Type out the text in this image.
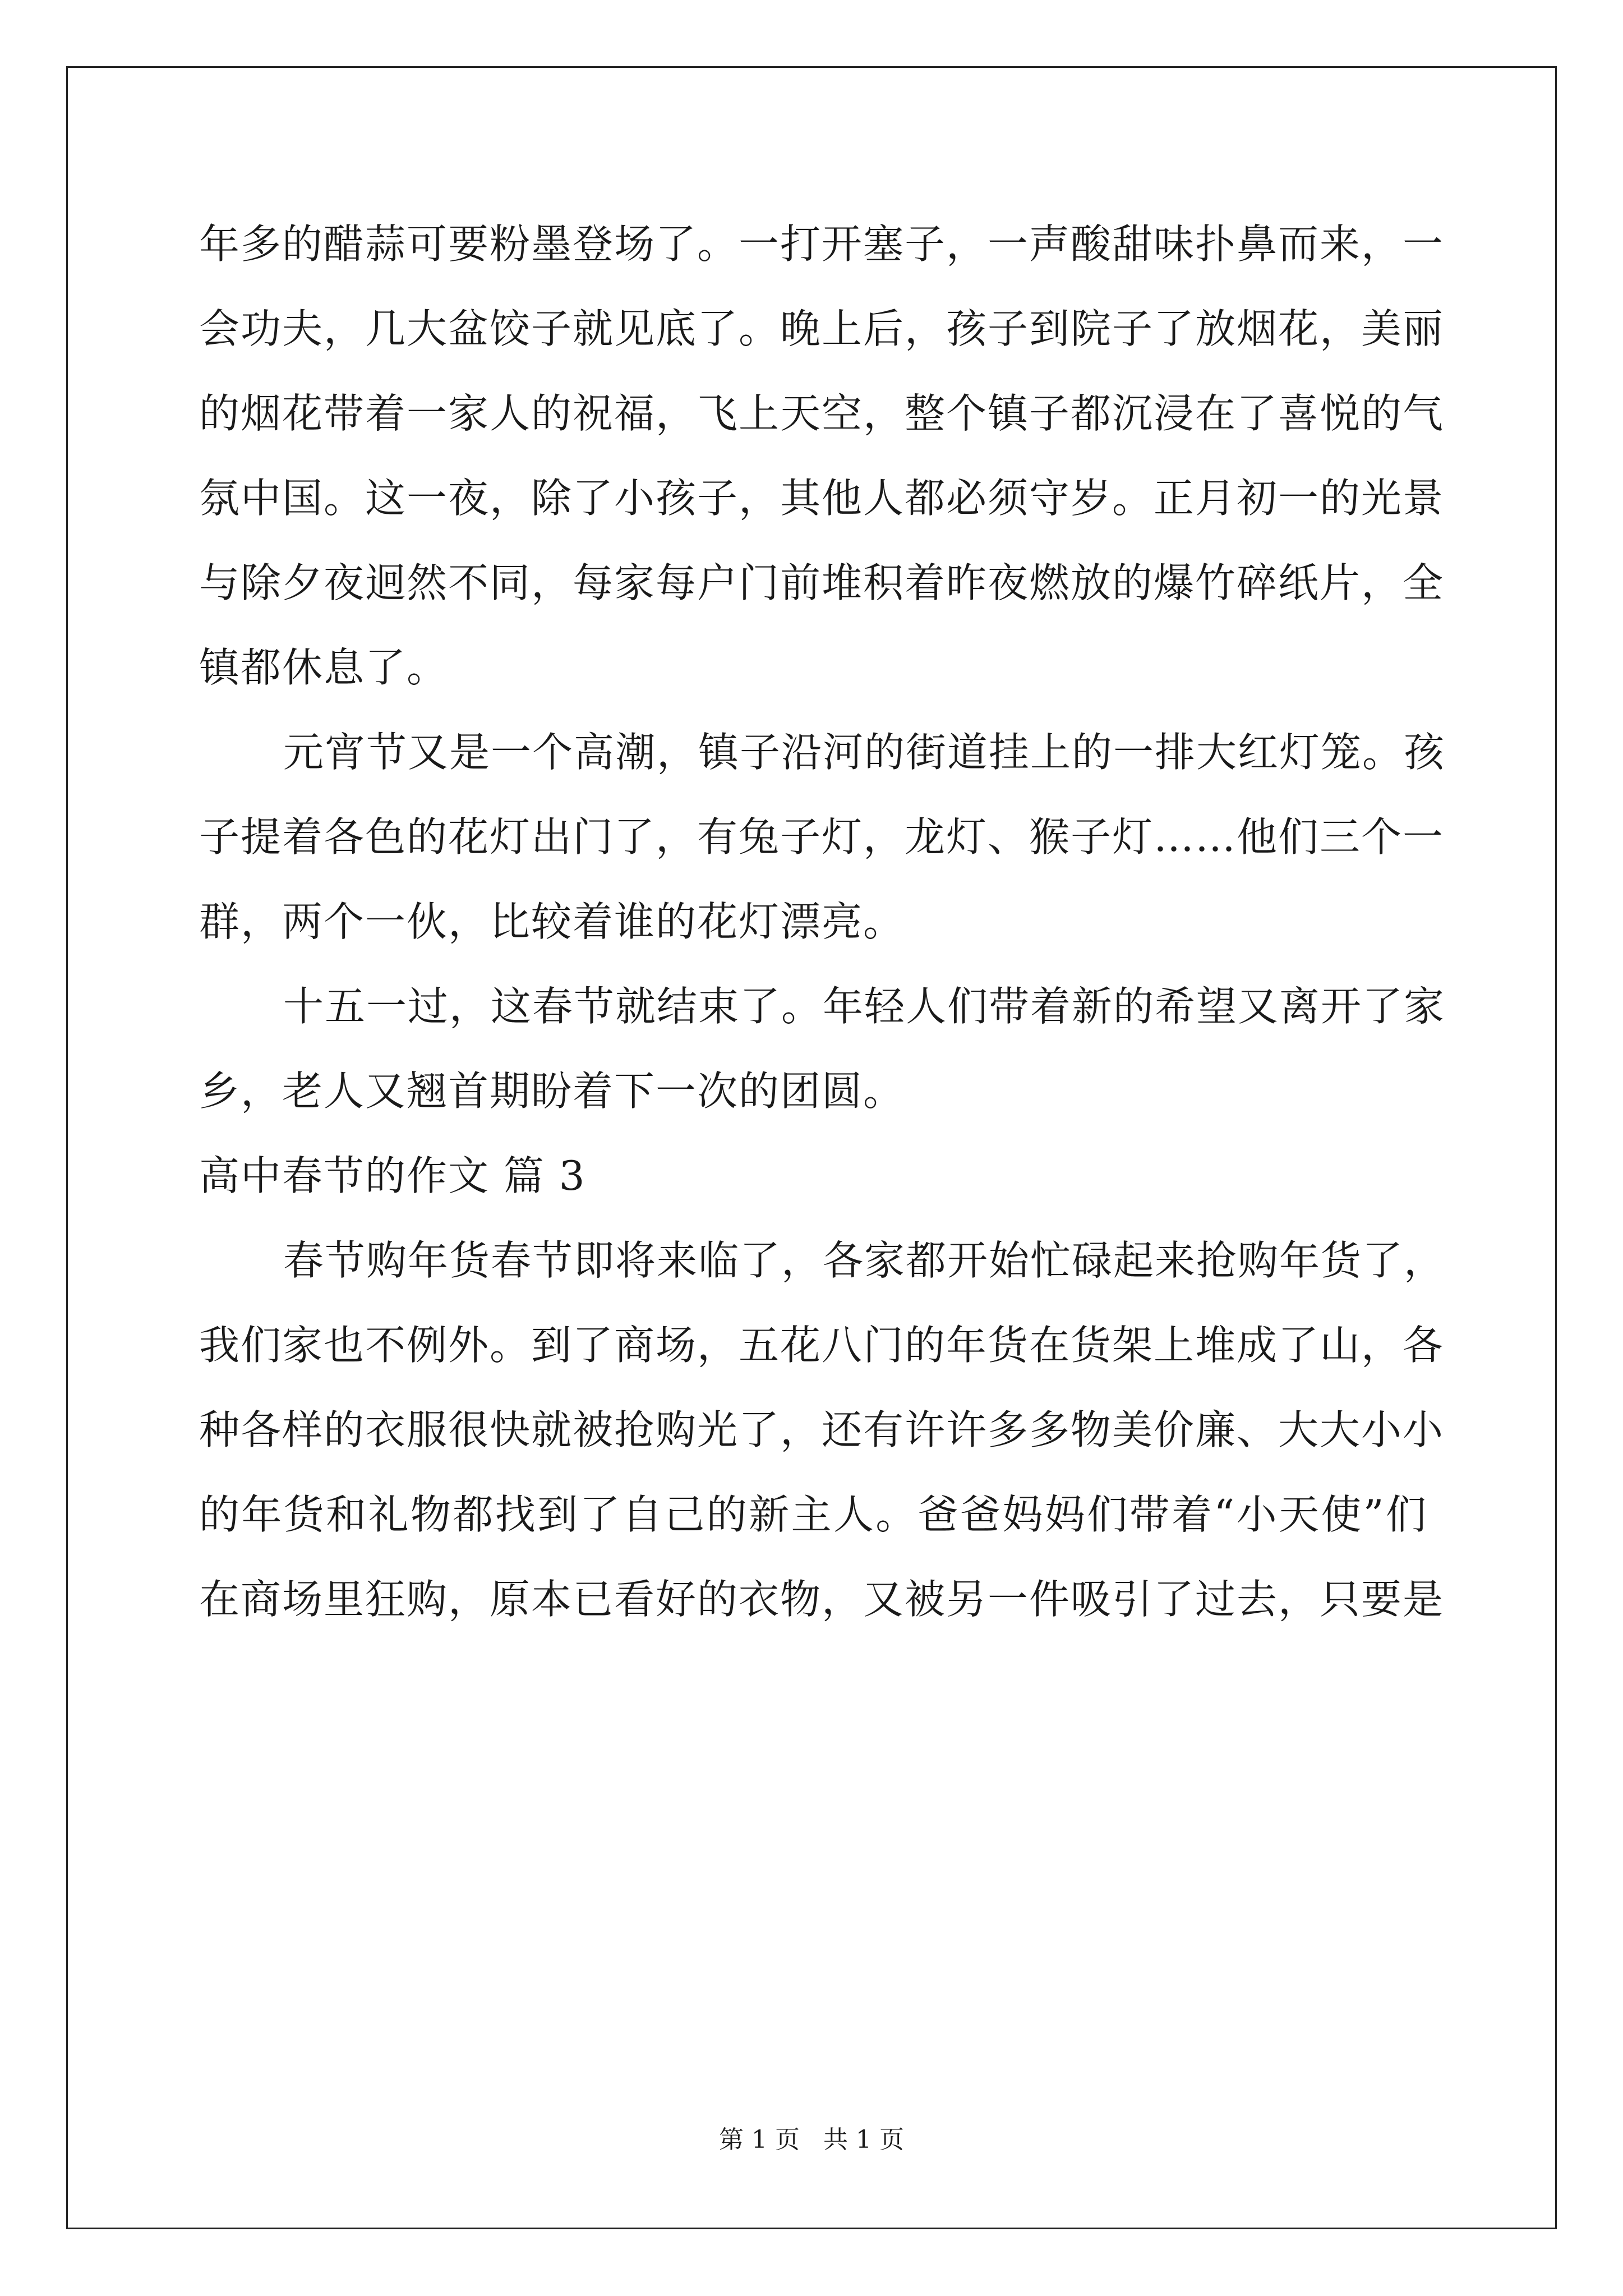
年多的醋蒜可要粉墨登场了。一打开塞子，一声酸甜味扑鼻而来，一
会功夫，几大盆饺子就见底了。晚上后，孩子到院子了放烟花，美丽
的烟花带着一家人的祝福，飞上天空，整个镇子都沉浸在了喜悦的气
氛中国。这一夜，除了小孩子，其他人都必须守岁。正月初一的光景
与除夕夜迥然不同，每家每户门前堆积着昨夜燃放的爆竹碎纸片，全
镇都休息了。
元宵节又是一个高潮，镇子沿河的街道挂上的一排大红灯笼。孩
子提着各色的花灯出门了，有兔子灯，龙灯、猴子灯……他们三个一
群，两个一伙，比较着谁的花灯漂亮。
十五一过，这春节就结束了。年轻人们带着新的希望又离开了家
乡，老人又翘首期盼着下一次的团圆。
高中春节的作文 篇 3
春节购年货春节即将来临了，各家都开始忙碌起来抢购年货了，
我们家也不例外。到了商场，五花八门的年货在货架上堆成了山，各
种各样的衣服很快就被抢购光了，还有许许多多物美价廉、大大小小
的年货和礼物都找到了自己的新主人。爸爸妈妈们带着“小天使”们
在商场里狂购，原本已看好的衣物，又被另一件吸引了过去，只要是
第 1 页   共 1 页
